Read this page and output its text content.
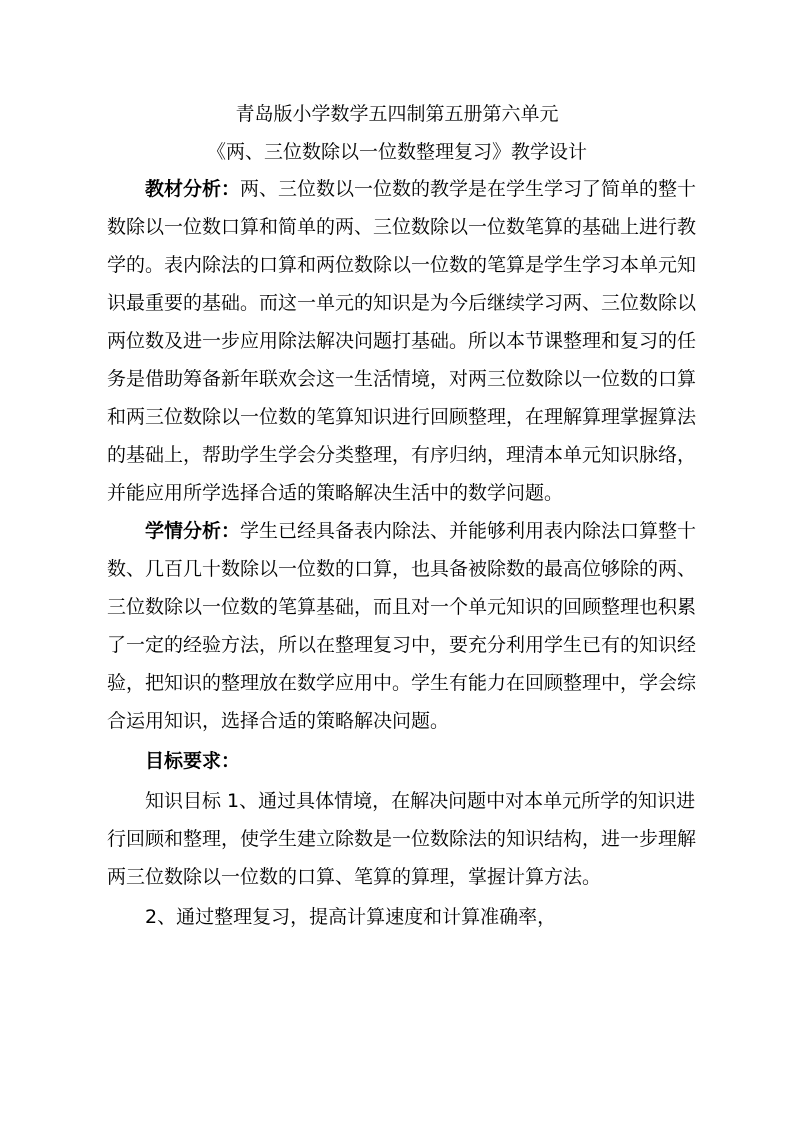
青岛版小学数学五四制第五册第六单元
《两、三位数除以一位数整理复习》教学设计
教材分析：两、三位数以一位数的教学是在学生学习了简单的整十
数除以一位数口算和简单的两、三位数除以一位数笔算的基础上进行教
学的。表内除法的口算和两位数除以一位数的笔算是学生学习本单元知
识最重要的基础。而这一单元的知识是为今后继续学习两、三位数除以
两位数及进一步应用除法解决问题打基础。所以本节课整理和复习的任
务是借助筹备新年联欢会这一生活情境，对两三位数除以一位数的口算
和两三位数除以一位数的笔算知识进行回顾整理，在理解算理掌握算法
的基础上，帮助学生学会分类整理，有序归纳，理清本单元知识脉络，
并能应用所学选择合适的策略解决生活中的数学问题。
学情分析：学生已经具备表内除法、并能够利用表内除法口算整十
数、几百几十数除以一位数的口算，也具备被除数的最高位够除的两、
三位数除以一位数的笔算基础，而且对一个单元知识的回顾整理也积累
了一定的经验方法，所以在整理复习中，要充分利用学生已有的知识经
验，把知识的整理放在数学应用中。学生有能力在回顾整理中，学会综
合运用知识，选择合适的策略解决问题。
目标要求：
知识目标 1、通过具体情境，在解决问题中对本单元所学的知识进
行回顾和整理，使学生建立除数是一位数除法的知识结构，进一步理解
两三位数除以一位数的口算、笔算的算理，掌握计算方法。
2、通过整理复习，提高计算速度和计算准确率，
